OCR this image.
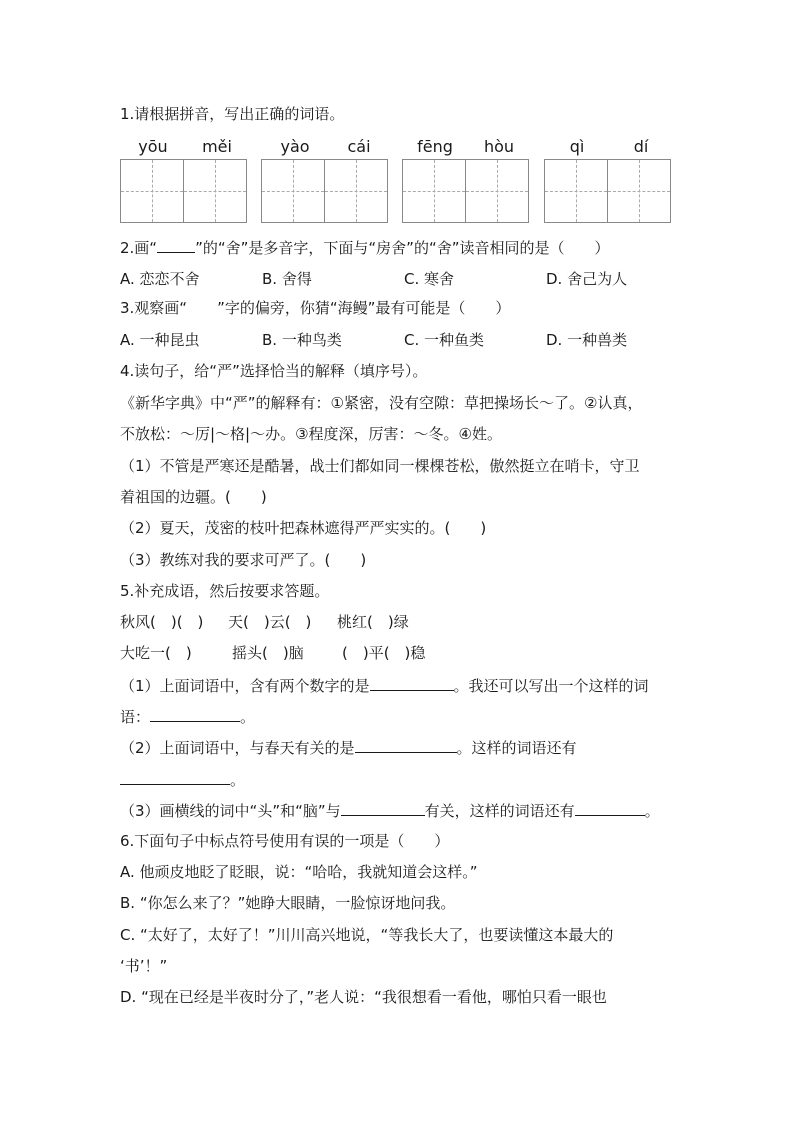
1.请根据拼音，写出正确的词语。
yōu měi	yào cái	fēng hòu	qì	dí
2.画“	”的“舍”是多音字，下面与“房舍”的“舍”读音相同的是（　　）
A. 恋恋不舍	B. 舍得	C. 寒舍	D. 舍己为人
3.观察画“　　”字的偏旁，你猜“海鳗”最有可能是（　　）
A. 一种昆虫	B. 一种鸟类	C. 一种鱼类	D. 一种兽类
4.读句子，给“严”选择恰当的解释（填序号）。
《新华字典》中“严”的解释有：①紧密，没有空隙：草把操场长～了。②认真，
不放松：～厉|～格|～办。③程度深，厉害：～冬。④姓。
（1）不管是严寒还是酷暑，战士们都如同一棵棵苍松，傲然挺立在哨卡，守卫
着祖国的边疆。(　　)
（2）夏天，茂密的枝叶把森林遮得严严实实的。(　　)
（3）教练对我的要求可严了。(　　)
5.补充成语，然后按要求答题。
秋风(　)(　) 天(　)云(　) 桃红(　)绿
大吃一(　)	摇头(　)脑	(　)平(　)稳
（1）上面词语中，含有两个数字的是	。我还可以写出一个这样的词
语：	。
（2）上面词语中，与春天有关的是	。这样的词语还有
。
（3）画横线的词中“头”和“脑”与	有关，这样的词语还有	。
6.下面句子中标点符号使用有误的一项是（　　）
A. 他顽皮地眨了眨眼，说：“哈哈，我就知道会这样。”
B. “你怎么来了？”她睁大眼睛，一脸惊讶地问我。
C. “太好了，太好了！”川川高兴地说，“等我长大了，也要读懂这本最大的
‘书’！”
D. “现在已经是半夜时分了，”老人说：“我很想看一看他，哪怕只看一眼也
